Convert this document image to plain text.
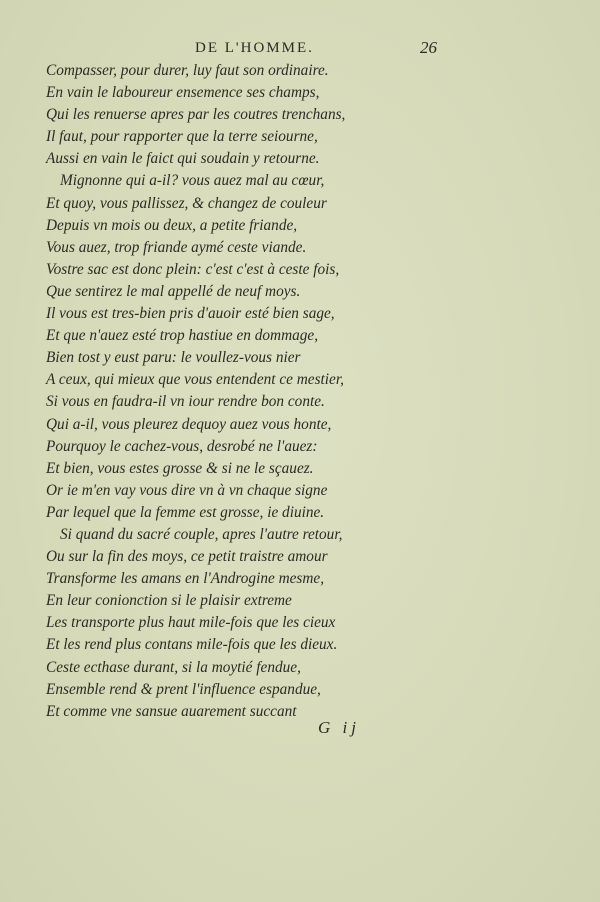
DE L'HOMME.	26
Compasser, pour durer, luy faut son ordinaire.
En vain le laboureur ensemence ses champs,
Qui les renuerse apres par les coutres trenchans,
Il faut, pour rapporter que la terre seiourne,
Aussi en vain le faict qui soudain y retourne.
Mignonne qui a-il? vous auez mal au cœur,
Et quoy, vous pallissez, & changez de couleur
Depuis vn mois ou deux, a petite friande,
Vous auez, trop friande aymé ceste viande.
Vostre sac est donc plein: c'est c'est à ceste fois,
Que sentirez le mal appellé de neuf moys.
Il vous est tres-bien pris d'auoir esté bien sage,
Et que n'auez esté trop hastiue en dommage,
Bien tost y eust paru: le voullez-vous nier
A ceux, qui mieux que vous entendent ce mestier,
Si vous en faudra-il vn iour rendre bon conte.
Qui a-il, vous pleurez dequoy auez vous honte,
Pourquoy le cachez-vous, desrobé ne l'auez:
Et bien, vous estes grosse & si ne le sçauez.
Or ie m'en vay vous dire vn à vn chaque signe
Par lequel que la femme est grosse, ie diuine.
Si quand du sacré couple, apres l'autre retour,
Ou sur la fin des moys, ce petit traistre amour
Transforme les amans en l'Androgine mesme,
En leur conionction si le plaisir extreme
Les transporte plus haut mile-fois que les cieux
Et les rend plus contans mile-fois que les dieux.
Ceste ecthase durant, si la moytié fendue,
Ensemble rend & prent l'influence espandue,
Et comme vne sansue auarement succant
G ij
